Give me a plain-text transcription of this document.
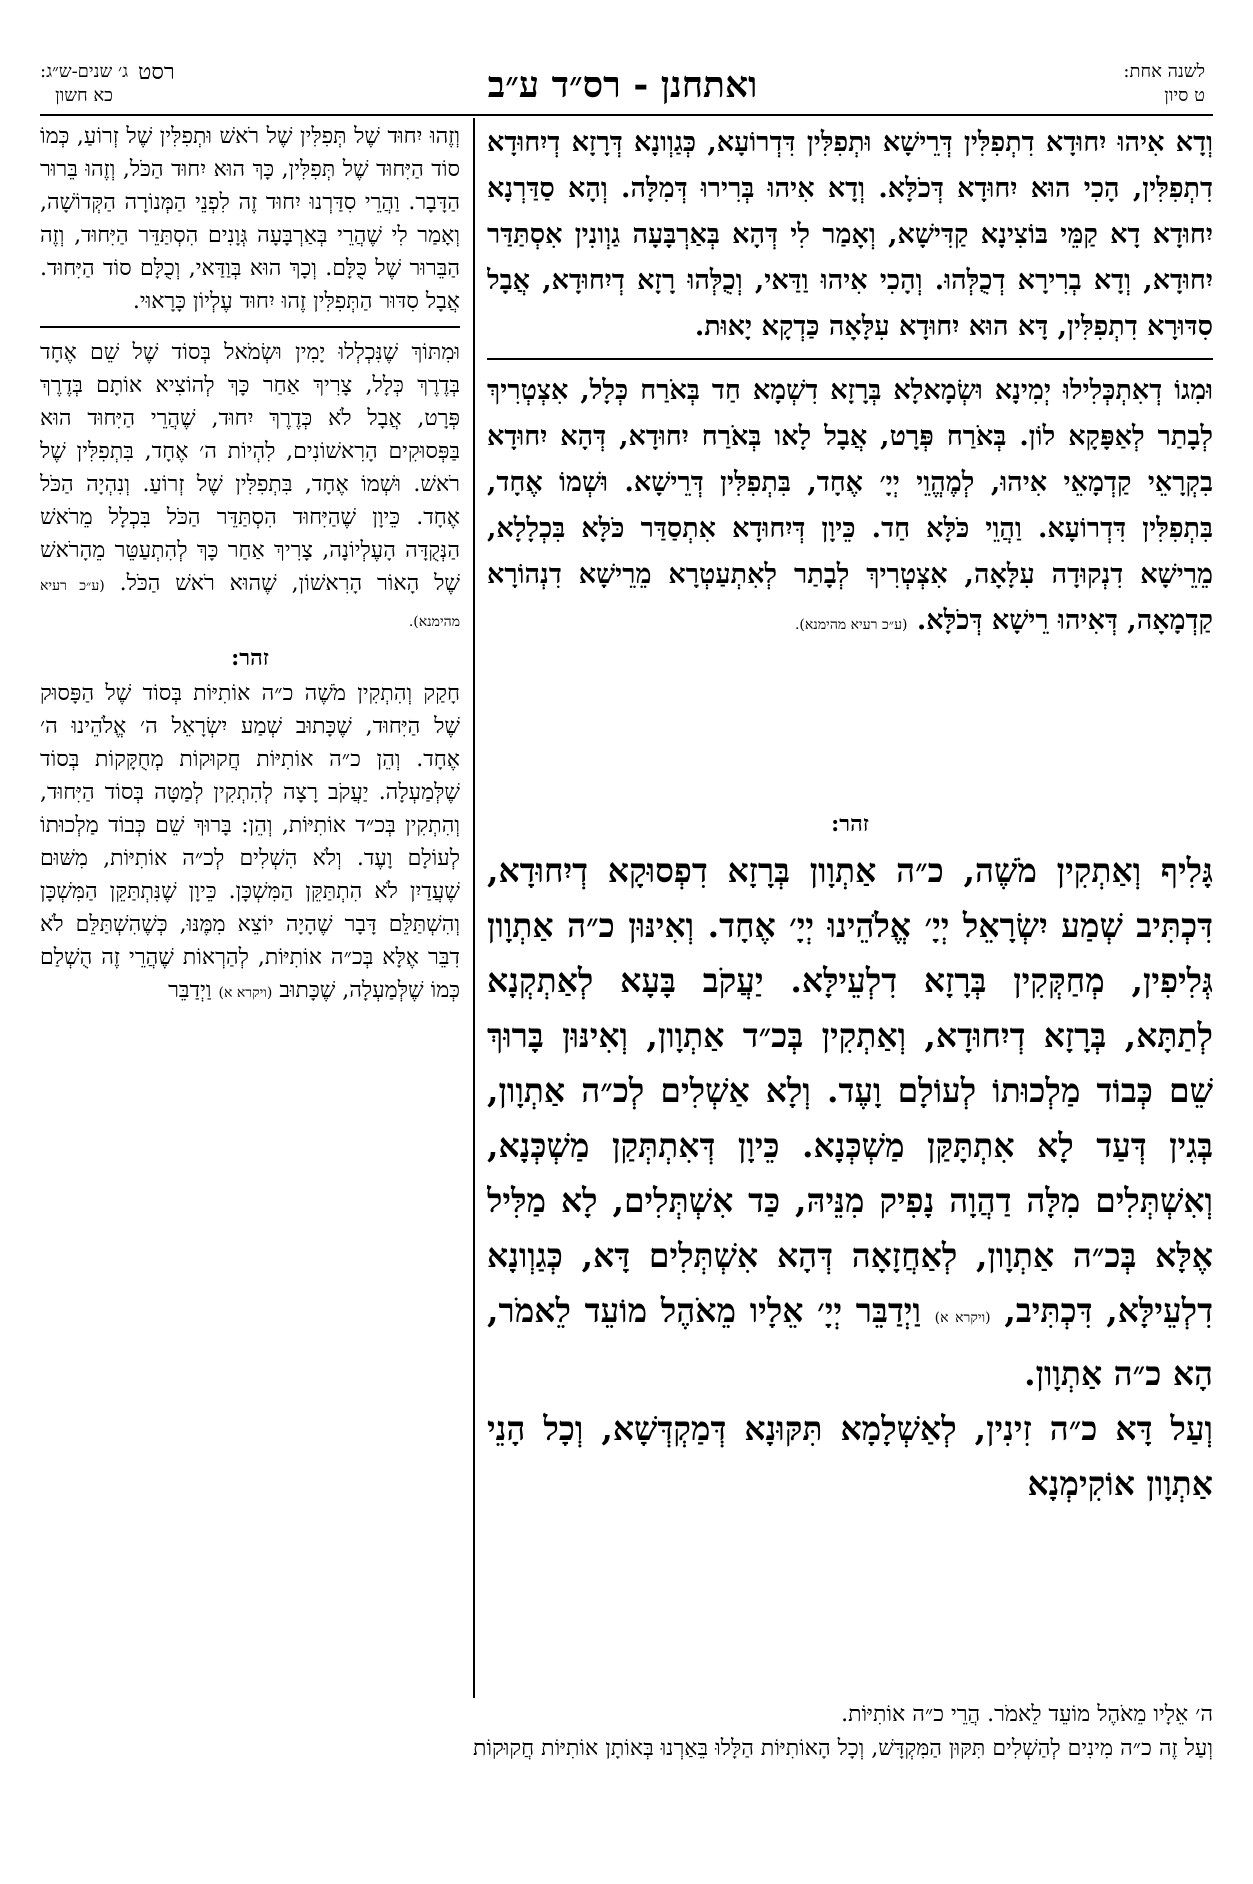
לשנה אחת:
ט סיון
ואתחנן - רס״ד ע״ב
ג׳ שנים-ש״ג:
כא חשון
רסט

וְדָא אִיהוּ יִחוּדָא דִתְפִלִּין דְּרֵישָׁא וּתְפִלִּין דִּדְרוֹעָא, כְּגַוְונָא דְּרָזָא דְיִחוּדָא דִתְפִלִּין, הָכִי הוּא יִחוּדָא דְּכֹלָּא. וְדָא אִיהוּ בְּרִירוּ דְּמִלָּה. וְהָא סַדַּרְנָא יִחוּדָא דָא קַמֵּי בּוֹצִינָא קַדִּישָׁא, וְאָמַר לִי דְּהָא בְּאַרְבָּעָה גַוְונִין אִסְתַּדַּר יִחוּדָא, וְדָא בְרִירָא דְכֻלְּהוּ. וְהָכִי אִיהוּ וַדַּאי, וְכֻלְּהוּ רָזָא דְיִחוּדָא, אֲבָל סִדּוּרָא דִתְפִלִּין, דָּא הוּא יִחוּדָא עִלָּאָה כַּדְקָא יָאוּת.

וּמִגוֹ דְאִתְכְּלִילוּ יְמִינָא וּשְׂמָאלָא בְּרָזָא דִשְׁמָא חַד בְּאֹרַח כְּלָל, אִצְטְרִיךְ לְבָתַר לְאַפָּקָא לוֹן. בְּאֹרַח פְּרָט, אֲבָל לָאו בְּאֹרַח יִחוּדָא, דְּהָא יִחוּדָא בִקְרָאֵי קַדְמָאֵי אִיהוּ, לְמֶהֱוֵי יְיָ׳ אֶחָד, בִּתְפִלִּין דְּרֵישָׁא. וּשְׁמוֹ אֶחָד, בִּתְפִלִּין דִּדְרוֹעָא. וַהֲוֵי כֹּלָּא חַד. כֵּיוָן דְּיִחוּדָא אִתְסַדַּר כֹּלָּא בִּכְלָלָא, מֵרֵישָׁא דִנְקוּדָה עִלָּאָה, אִצְטְרִיךְ לְבָתַר לְאִתְעַטְרָא מֵרֵישָׁא דִנְהוֹרָא קַדְמָאָה, דְּאִיהוּ רֵישָׁא דְּכֹלָּא. (ע״כ רעיא מהימנא).

זהר:

גָּלִיף וְאַתְקִין מֹשֶׁה, כ״ה אַתְוָון בְּרָזָא דִפְסוּקָא דְיִחוּדָא, דִּכְתִּיב שְׁמַע יִשְׂרָאֵל יְיָ׳ אֱלֹהֵינוּ יְיָ׳ אֶחָד. וְאִינּוּן כ״ה אַתְוָון גְּלִיפִין, מְחַקְּקִין בְּרָזָא דִלְעֵילָּא. יַעֲקֹב בָּעָא לְאַתְקְנָא לְתַתָּא, בְּרָזָא דְיִחוּדָא, וְאַתְקִין בְּכ״ד אַתְוָון, וְאִינּוּן בָּרוּךְ שֵׁם כְּבוֹד מַלְכוּתוֹ לְעוֹלָם וָעֶד. וְלָא אַשְׁלִים לְכ״ה אַתְוָון, בְּגִין דְּעַד לָא אִתְתָּקַּן מַשְׁכְּנָא. כֵּיוָן דְּאִתְתְּקַן מַשְׁכְּנָא, וְאִשְׁתְּלִים מִלָּה דַהֲוָה נָפִיק מִנֵּיהּ, כַּד אִשְׁתְּלִים, לָא מַלִּיל אֶלָּא בְּכ״ה אַתְוָון, לְאַחֲזָאָה דְּהָא אִשְׁתְּלִים דָּא, כְּגַוְונָא דִלְעֵילָּא, דִּכְתִּיב, (ויקרא א) וַיְדַבֵּר יְיָ׳ אֵלָיו מֵאֹהֶל מוֹעֵד לֵאמֹר, הָא כ״ה אַתְוָון.

וְעַל דָּא כ״ה זִינִין, לְאַשְׁלָמָא תִּקּוּנָא דְּמַקְדְּשָׁא, וְכָל הָנֵי אַתְוָון אוֹקִימְנָא

וְזֶהוּ יִחוּד שֶׁל תְּפִלִּין שֶׁל רֹאשׁ וּתְפִלִּין שֶׁל זְרוֹעַ, כְּמוֹ סוֹד הַיִּחוּד שֶׁל תְּפִלִּין, כָּךְ הוּא יִחוּד הַכֹּל, וְזֶהוּ בֵּרוּר הַדָּבָר. וַהֲרֵי סִדַּרְנוּ יִחוּד זֶה לִפְנֵי הַמְּנוֹרָה הַקְּדוֹשָׁה, וְאָמַר לִי שֶׁהֲרֵי בְּאַרְבָּעָה גְּוָנִים הִסְתַּדֵּר הַיִּחוּד, וְזֶה הַבֵּרוּר שֶׁל כֻּלָּם. וְכָךְ הוּא בְּוַדַּאי, וְכֻלָּם סוֹד הַיִּחוּד. אֲבָל סִדּוּר הַתְּפִלִּין זֶהוּ יִחוּד עֶלְיוֹן כָּרָאוּי.

וּמִתּוֹךְ שֶׁנִּכְלְלוּ יָמִין וּשְׂמֹאל בְּסוֹד שֶׁל שֵׁם אֶחָד בְּדֶרֶךְ כְּלָל, צָרִיךְ אַחַר כָּךְ לְהוֹצִיא אוֹתָם בְּדֶרֶךְ פְּרָט, אֲבָל לֹא כְּדֶרֶךְ יִחוּד, שֶׁהֲרֵי הַיִּחוּד הוּא בַּפְּסוּקִים הָרִאשׁוֹנִים, לִהְיוֹת ה׳ אֶחָד, בִּתְפִלִּין שֶׁל רֹאשׁ. וּשְׁמוֹ אֶחָד, בִּתְפִלִּין שֶׁל זְרוֹעַ. וְנִהְיָה הַכֹּל אֶחָד. כֵּיוָן שֶׁהַיִּחוּד הִסְתַּדֵּר הַכֹּל בִּכְלָל מֵרֹאשׁ הַנְּקֻדָּה הָעֶלְיוֹנָה, צָרִיךְ אַחַר כָּךְ לְהִתְעַטֵּר מֵהָרֹאשׁ שֶׁל הָאוֹר הָרִאשׁוֹן, שֶׁהוּא רֹאשׁ הַכֹּל. (ע״כ רעיא מהימנא).

זהר:

חָקַק וְהִתְקִין מֹשֶׁה כ״ה אוֹתִיּוֹת בְּסוֹד שֶׁל הַפָּסוּק שֶׁל הַיִּחוּד, שֶׁכָּתוּב שְׁמַע יִשְׂרָאֵל ה׳ אֱלֹהֵינוּ ה׳ אֶחָד. וְהֵן כ״ה אוֹתִיּוֹת חֲקוּקוֹת מְחֻקָּקוֹת בְּסוֹד שֶׁלְּמַעְלָה. יַעֲקֹב רָצָה לְהִתְקִין לְמַטָּה בְּסוֹד הַיִּחוּד, וְהִתְקִין בְּכ״ד אוֹתִיּוֹת, וְהֵן: בָּרוּךְ שֵׁם כְּבוֹד מַלְכוּתוֹ לְעוֹלָם וָעֶד. וְלֹא הִשְׁלִים לְכ״ה אוֹתִיּוֹת, מִשּׁוּם שֶׁעֲדַיִן לֹא הִתְתַּקֵּן הַמִּשְׁכָּן. כֵּיוָן שֶׁנִּתְתַּקֵּן הַמִּשְׁכָּן וְהִשְׁתַּלֵּם דָּבָר שֶׁהָיָה יוֹצֵא מִמֶּנּוּ, כְּשֶׁהִשְׁתַּלֵּם לֹא דִבֵּר אֶלָּא בְּכ״ה אוֹתִיּוֹת, לְהַרְאוֹת שֶׁהֲרֵי זֶה הֻשְׁלַם כְּמוֹ שֶׁלְּמַעְלָה, שֶׁכָּתוּב (ויקרא א) וַיְדַבֵּר

ה׳ אֵלָיו מֵאֹהֶל מוֹעֵד לֵאמֹר. הֲרֵי כ״ה אוֹתִיּוֹת.
וְעַל זֶה כ״ה מִינִים לְהַשְׁלִים תִּקּוּן הַמִּקְדָּשׁ, וְכָל הָאוֹתִיּוֹת הַלָּלוּ בֵּאַרְנוּ בְּאוֹתָן אוֹתִיּוֹת חֲקוּקוֹת
